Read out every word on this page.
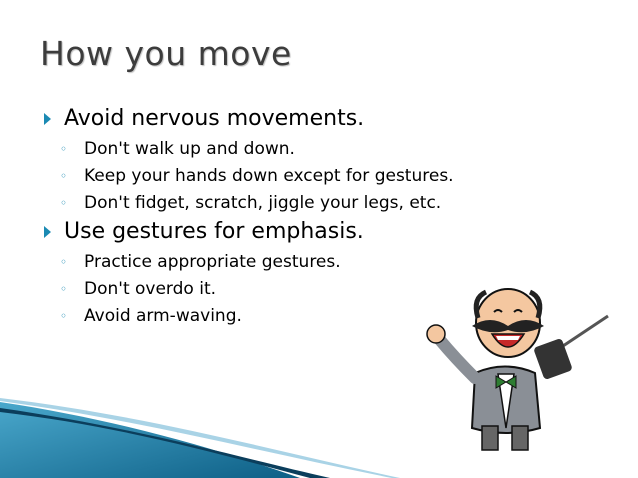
How you move
Avoid nervous movements.
◦ Don't walk up and down.
◦ Keep your hands down except for gestures.
◦ Don't fidget, scratch, jiggle your legs, etc.
Use gestures for emphasis.
◦ Practice appropriate gestures.
◦ Don't overdo it.
◦ Avoid arm-waving.
